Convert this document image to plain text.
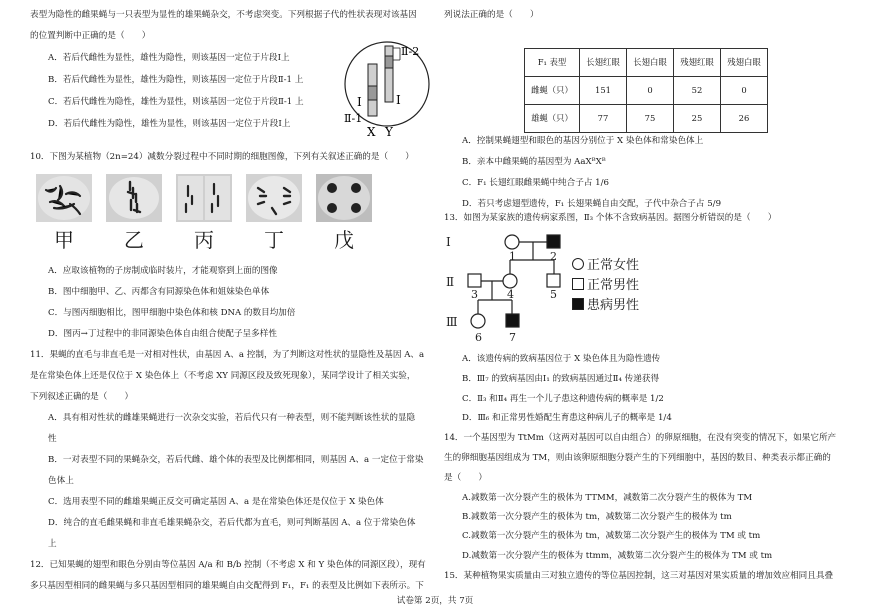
表型为隐性的雌果蝇与一只表型为显性的雄果蝇杂交，不考虑突变。下列根据子代的性状表现对该基因
的位置判断中正确的是（　　）
A．若后代雌性为显性，雄性为隐性，则该基因一定位于片段Ⅰ上
B．若后代雌性为显性，雄性为隐性，则该基因一定位于片段Ⅱ-1 上
C．若后代雌性为隐性，雄性为显性，则该基因一定位于片段Ⅱ-1 上
D．若后代雌性为隐性，雄性为显性，则该基因一定位于片段Ⅰ上
Ⅱ-2
Ⅰ	Ⅰ
Ⅱ-1
X Y
10．下图为某植物（2n=24）减数分裂过程中不同时期的细胞图像，下列有关叙述正确的是（　　）
甲	乙	丙	丁	戊
A．应取该植物的子房制成临时装片，才能观察到上面的图像
B．图中细胞甲、乙、丙都含有同源染色体和姐妹染色单体
C．与图丙细胞相比，图甲细胞中染色体和核 DNA 的数目均加倍
D．图丙→丁过程中的非同源染色体自由组合使配子呈多样性
11．果蝇的直毛与非直毛是一对相对性状，由基因 A、a 控制，为了判断这对性状的显隐性及基因 A、a
是在常染色体上还是仅位于 X 染色体上（不考虑 XY 同源区段及致死现象），某同学设计了相关实验，
下列叙述正确的是（　　）
A．具有相对性状的雌雄果蝇进行一次杂交实验，若后代只有一种表型，则不能判断该性状的显隐
性
B．一对表型不同的果蝇杂交，若后代雌、雄个体的表型及比例都相同，则基因 A、a 一定位于常染
色体上
C．选用表型不同的雌雄果蝇正反交可确定基因 A、a 是在常染色体还是仅位于 X 染色体
D．纯合的直毛雌果蝇和非直毛雄果蝇杂交，若后代都为直毛，则可判断基因 A、a 位于常染色体
上
12．已知果蝇的翅型和眼色分别由等位基因 A/a 和 B/b 控制（不考虑 X 和 Y 染色体的同源区段），现有
多只基因型相同的雌果蝇与多只基因型相同的雄果蝇自由交配得到 F₁，F₁ 的表型及比例如下表所示。下
列说法正确的是（　　）
F₁ 表型	长翅红眼	长翅白眼	残翅红眼	残翅白眼
雌蝇（只）	151	0	52	0
雄蝇（只）	77	75	25	26
A．控制果蝇翅型和眼色的基因分别位于 X 染色体和常染色体上
B．亲本中雌果蝇的基因型为 AaXᴮXᴮ
C．F₁ 长翅红眼雌果蝇中纯合子占 1/6
D．若只考虑翅型遗传，F₁ 长翅果蝇自由交配，子代中杂合子占 5/9
13．如图为某家族的遗传病家系图，Ⅱ₃ 个体不含致病基因。据图分析错误的是（　　）
Ⅰ
Ⅱ
Ⅲ
1	2
3	4	5
6 7
正常女性
正常男性
患病男性
A．该遗传病的致病基因位于 X 染色体且为隐性遗传
B．Ⅲ₇ 的致病基因由Ⅰ₁ 的致病基因通过Ⅱ₄ 传递获得
C．Ⅱ₃ 和Ⅱ₄ 再生一个儿子患这种遗传病的概率是 1/2
D．Ⅲ₆ 和正常男性婚配生育患这种病儿子的概率是 1/4
14．一个基因型为 TtMm（这两对基因可以自由组合）的卵原细胞，在没有突变的情况下，如果它所产
生的卵细胞基因组成为 TM，则由该卵原细胞分裂产生的下列细胞中，基因的数目、种类表示都正确的
是（　　）
A.减数第一次分裂产生的极体为 TTMM，减数第二次分裂产生的极体为 TM
B.减数第一次分裂产生的极体为 tm，减数第二次分裂产生的极体为 tm
C.减数第一次分裂产生的极体为 tm，减数第二次分裂产生的极体为 TM 或 tm
D.减数第一次分裂产生的极体为 ttmm，减数第二次分裂产生的极体为 TM 或 tm
15．某种植物果实质量由三对独立遗传的等位基因控制，这三对基因对果实质量的增加效应相同且具叠
试卷第 2页，共 7页
